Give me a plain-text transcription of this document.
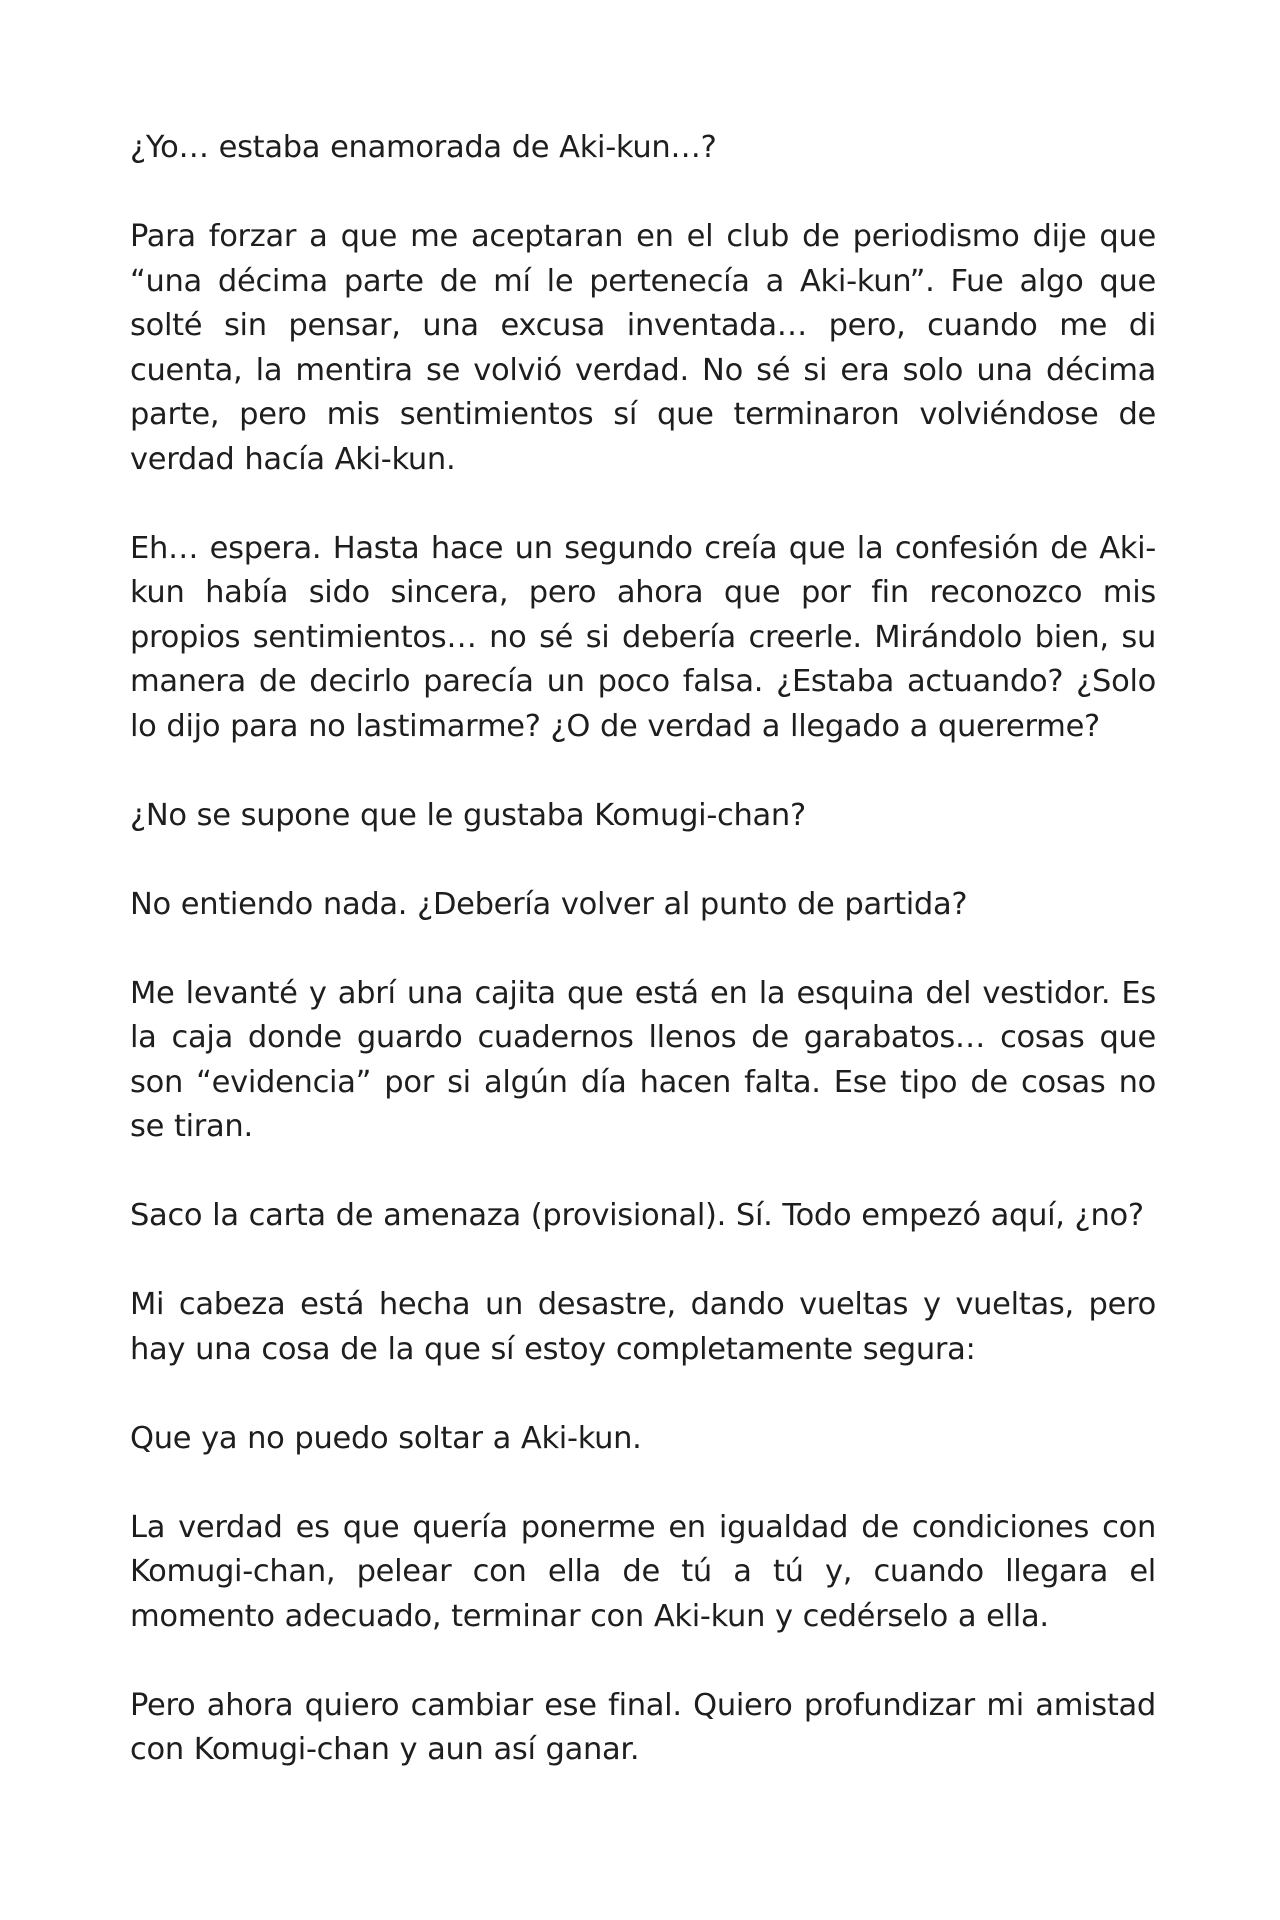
¿Yo… estaba enamorada de Aki-kun…?

Para forzar a que me aceptaran en el club de periodismo dije que “una décima parte de mí le pertenecía a Aki-kun”. Fue algo que solté sin pensar, una excusa inventada… pero, cuando me di cuenta, la mentira se volvió verdad. No sé si era solo una décima parte, pero mis sentimientos sí que terminaron volviéndose de verdad hacía Aki-kun.

Eh… espera. Hasta hace un segundo creía que la confesión de Aki-kun había sido sincera, pero ahora que por fin reconozco mis propios sentimientos… no sé si debería creerle. Mirándolo bien, su manera de decirlo parecía un poco falsa. ¿Estaba actuando? ¿Solo lo dijo para no lastimarme? ¿O de verdad a llegado a quererme?

¿No se supone que le gustaba Komugi-chan?

No entiendo nada. ¿Debería volver al punto de partida?

Me levanté y abrí una cajita que está en la esquina del vestidor. Es la caja donde guardo cuadernos llenos de garabatos… cosas que son “evidencia” por si algún día hacen falta. Ese tipo de cosas no se tiran.

Saco la carta de amenaza (provisional). Sí. Todo empezó aquí, ¿no?

Mi cabeza está hecha un desastre, dando vueltas y vueltas, pero hay una cosa de la que sí estoy completamente segura:

Que ya no puedo soltar a Aki-kun.

La verdad es que quería ponerme en igualdad de condiciones con Komugi-chan, pelear con ella de tú a tú y, cuando llegara el momento adecuado, terminar con Aki-kun y cedérselo a ella.

Pero ahora quiero cambiar ese final. Quiero profundizar mi amistad con Komugi-chan y aun así ganar.
